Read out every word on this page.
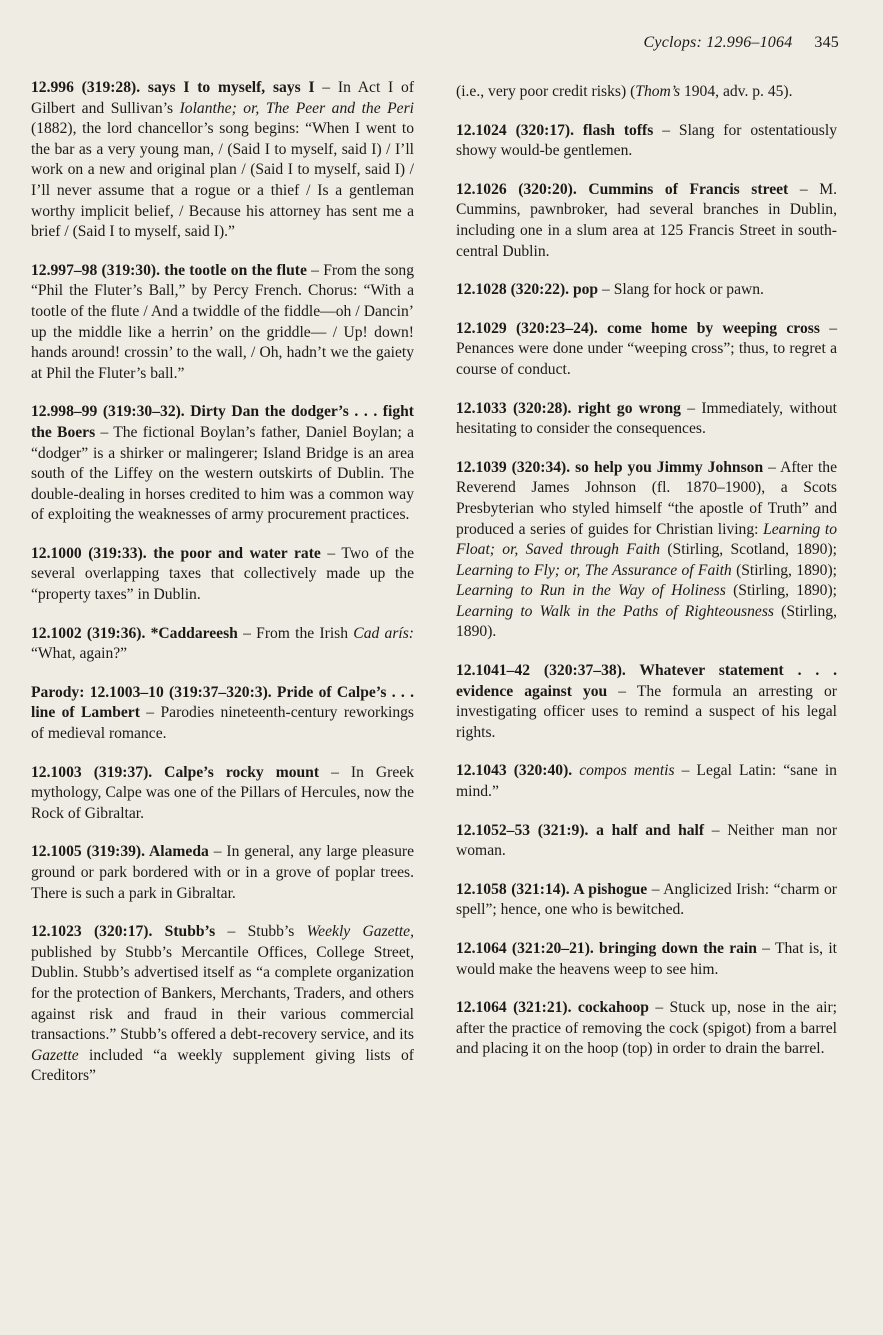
Cyclops: 12.996–1064 345

12.996 (319:28). says I to myself, says I – In Act I of Gilbert and Sullivan’s Iolanthe; or, The Peer and the Peri (1882), the lord chancellor’s song begins: “When I went to the bar as a very young man, / (Said I to myself, said I) / I’ll work on a new and original plan / (Said I to myself, said I) / I’ll never assume that a rogue or a thief / Is a gentleman worthy implicit belief, / Because his attorney has sent me a brief / (Said I to myself, said I).”

12.997–98 (319:30). the tootle on the flute – From the song “Phil the Fluter’s Ball,” by Percy French. Chorus: “With a tootle of the flute / And a twiddle of the fiddle—oh / Dancin’ up the middle like a herrin’ on the griddle— / Up! down! hands around! crossin’ to the wall, / Oh, hadn’t we the gaiety at Phil the Fluter’s ball.”

12.998–99 (319:30–32). Dirty Dan the dodger’s . . . fight the Boers – The fictional Boylan’s father, Daniel Boylan; a “dodger” is a shirker or malingerer; Island Bridge is an area south of the Liffey on the western outskirts of Dublin. The double-dealing in horses credited to him was a common way of exploiting the weaknesses of army procurement practices.

12.1000 (319:33). the poor and water rate – Two of the several overlapping taxes that collectively made up the “property taxes” in Dublin.

12.1002 (319:36). *Caddareesh – From the Irish Cad arís: “What, again?”

Parody: 12.1003–10 (319:37–320:3). Pride of Calpe’s . . . line of Lambert – Parodies nineteenth-century reworkings of medieval romance.

12.1003 (319:37). Calpe’s rocky mount – In Greek mythology, Calpe was one of the Pillars of Hercules, now the Rock of Gibraltar.

12.1005 (319:39). Alameda – In general, any large pleasure ground or park bordered with or in a grove of poplar trees. There is such a park in Gibraltar.

12.1023 (320:17). Stubb’s – Stubb’s Weekly Gazette, published by Stubb’s Mercantile Offices, College Street, Dublin. Stubb’s advertised itself as “a complete organization for the protection of Bankers, Merchants, Traders, and others against risk and fraud in their various commercial transactions.” Stubb’s offered a debt-recovery service, and its Gazette included “a weekly supplement giving lists of Creditors”

(i.e., very poor credit risks) (Thom’s 1904, adv. p. 45).

12.1024 (320:17). flash toffs – Slang for ostentatiously showy would-be gentlemen.

12.1026 (320:20). Cummins of Francis street – M. Cummins, pawnbroker, had several branches in Dublin, including one in a slum area at 125 Francis Street in south-central Dublin.

12.1028 (320:22). pop – Slang for hock or pawn.

12.1029 (320:23–24). come home by weeping cross – Penances were done under “weeping cross”; thus, to regret a course of conduct.

12.1033 (320:28). right go wrong – Immediately, without hesitating to consider the consequences.

12.1039 (320:34). so help you Jimmy Johnson – After the Reverend James Johnson (fl. 1870–1900), a Scots Presbyterian who styled himself “the apostle of Truth” and produced a series of guides for Christian living: Learning to Float; or, Saved through Faith (Stirling, Scotland, 1890); Learning to Fly; or, The Assurance of Faith (Stirling, 1890); Learning to Run in the Way of Holiness (Stirling, 1890); Learning to Walk in the Paths of Righteousness (Stirling, 1890).

12.1041–42 (320:37–38). Whatever statement . . . evidence against you – The formula an arresting or investigating officer uses to remind a suspect of his legal rights.

12.1043 (320:40). compos mentis – Legal Latin: “sane in mind.”

12.1052–53 (321:9). a half and half – Neither man nor woman.

12.1058 (321:14). A pishogue – Anglicized Irish: “charm or spell”; hence, one who is bewitched.

12.1064 (321:20–21). bringing down the rain – That is, it would make the heavens weep to see him.

12.1064 (321:21). cockahoop – Stuck up, nose in the air; after the practice of removing the cock (spigot) from a barrel and placing it on the hoop (top) in order to drain the barrel.
